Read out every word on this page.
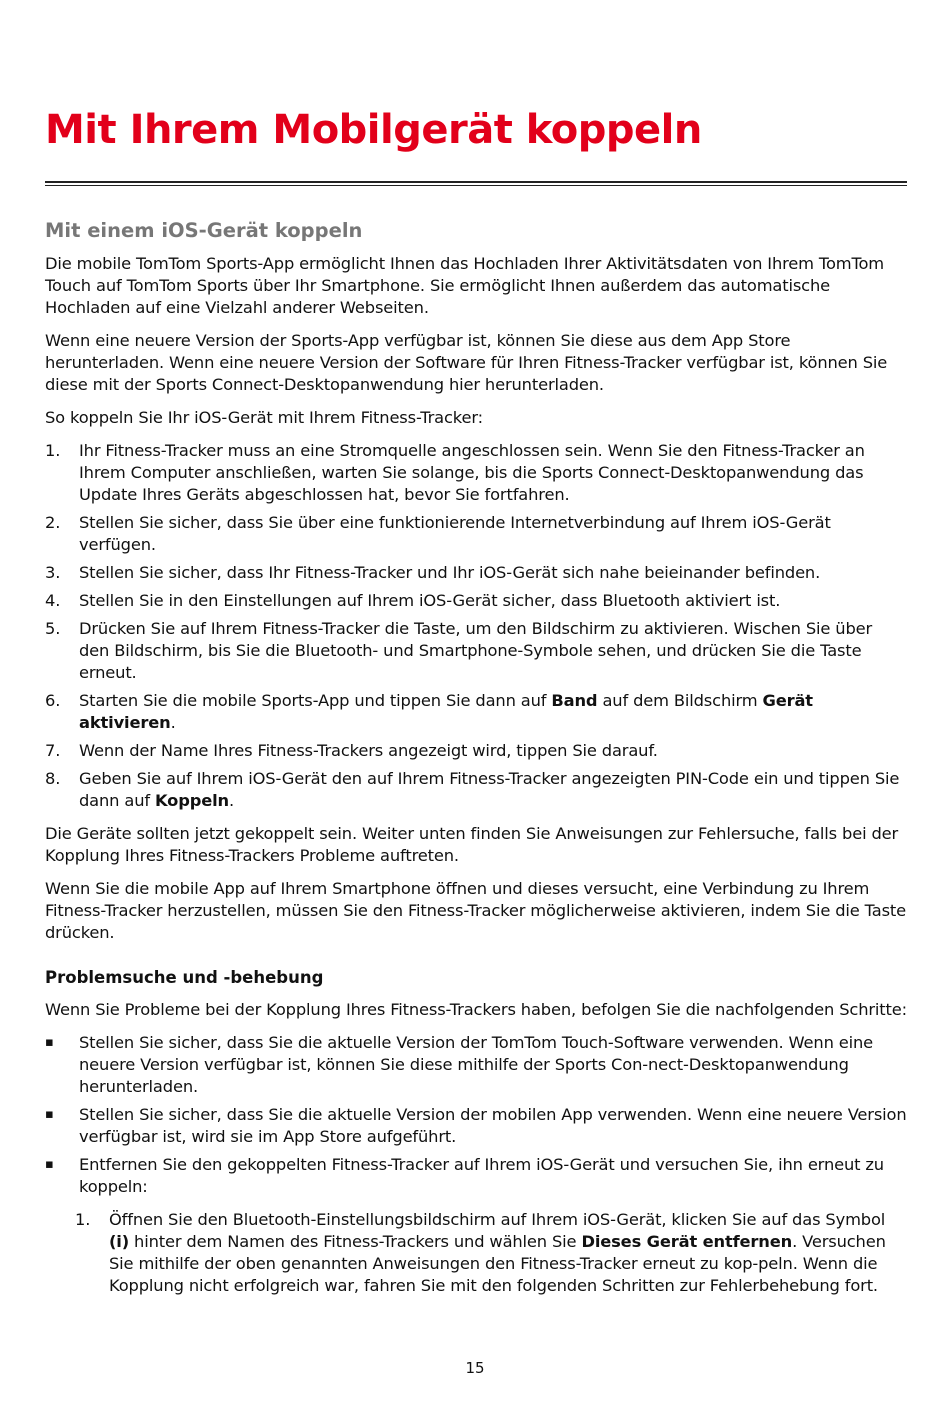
Mit Ihrem Mobilgerät koppeln
Mit einem iOS-Gerät koppeln

Die mobile TomTom Sports-App ermöglicht Ihnen das Hochladen Ihrer Aktivitätsdaten von Ihrem TomTom Touch auf TomTom Sports über Ihr Smartphone. Sie ermöglicht Ihnen außerdem das automatische Hochladen auf eine Vielzahl anderer Webseiten.

Wenn eine neuere Version der Sports-App verfügbar ist, können Sie diese aus dem App Store herunterladen. Wenn eine neuere Version der Software für Ihren Fitness-Tracker verfügbar ist, können Sie diese mit der Sports Connect-Desktopanwendung hier herunterladen.

So koppeln Sie Ihr iOS-Gerät mit Ihrem Fitness-Tracker:

1. Ihr Fitness-Tracker muss an eine Stromquelle angeschlossen sein. Wenn Sie den Fitness-Tracker an Ihrem Computer anschließen, warten Sie solange, bis die Sports Connect-Desktopanwendung das Update Ihres Geräts abgeschlossen hat, bevor Sie fortfahren.
2. Stellen Sie sicher, dass Sie über eine funktionierende Internetverbindung auf Ihrem iOS-Gerät verfügen.
3. Stellen Sie sicher, dass Ihr Fitness-Tracker und Ihr iOS-Gerät sich nahe beieinander befinden.
4. Stellen Sie in den Einstellungen auf Ihrem iOS-Gerät sicher, dass Bluetooth aktiviert ist.
5. Drücken Sie auf Ihrem Fitness-Tracker die Taste, um den Bildschirm zu aktivieren. Wischen Sie über den Bildschirm, bis Sie die Bluetooth- und Smartphone-Symbole sehen, und drücken Sie die Taste erneut.
6. Starten Sie die mobile Sports-App und tippen Sie dann auf Band auf dem Bildschirm Gerät aktivieren.
7. Wenn der Name Ihres Fitness-Trackers angezeigt wird, tippen Sie darauf.
8. Geben Sie auf Ihrem iOS-Gerät den auf Ihrem Fitness-Tracker angezeigten PIN-Code ein und tippen Sie dann auf Koppeln.

Die Geräte sollten jetzt gekoppelt sein. Weiter unten finden Sie Anweisungen zur Fehlersuche, falls bei der Kopplung Ihres Fitness-Trackers Probleme auftreten.

Wenn Sie die mobile App auf Ihrem Smartphone öffnen und dieses versucht, eine Verbindung zu Ihrem Fitness-Tracker herzustellen, müssen Sie den Fitness-Tracker möglicherweise aktivieren, indem Sie die Taste drücken.

Problemsuche und -behebung

Wenn Sie Probleme bei der Kopplung Ihres Fitness-Trackers haben, befolgen Sie die nachfolgenden Schritte:

▪ Stellen Sie sicher, dass Sie die aktuelle Version der TomTom Touch-Software verwenden. Wenn eine neuere Version verfügbar ist, können Sie diese mithilfe der Sports Con-nect-Desktopanwendung herunterladen.
▪ Stellen Sie sicher, dass Sie die aktuelle Version der mobilen App verwenden. Wenn eine neuere Version verfügbar ist, wird sie im App Store aufgeführt.
▪ Entfernen Sie den gekoppelten Fitness-Tracker auf Ihrem iOS-Gerät und versuchen Sie, ihn erneut zu koppeln:
1. Öffnen Sie den Bluetooth-Einstellungsbildschirm auf Ihrem iOS-Gerät, klicken Sie auf das Symbol (i) hinter dem Namen des Fitness-Trackers und wählen Sie Dieses Gerät entfernen. Versuchen Sie mithilfe der oben genannten Anweisungen den Fitness-Tracker erneut zu kop-peln. Wenn die Kopplung nicht erfolgreich war, fahren Sie mit den folgenden Schritten zur Fehlerbehebung fort.
15
